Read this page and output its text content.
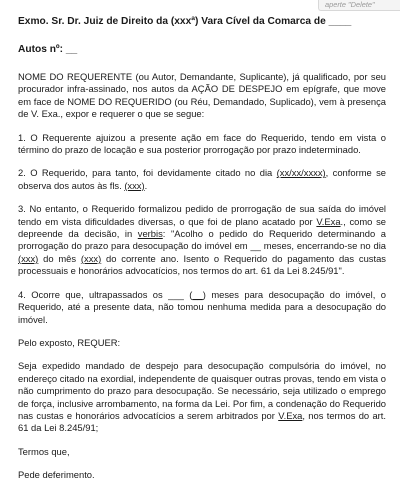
aperte "Delete"
Exmo. Sr. Dr. Juiz de Direito da (xxxª) Vara Cível da Comarca de ____
Autos nº: __
NOME DO REQUERENTE (ou Autor, Demandante, Suplicante), já qualificado, por seu procurador infra-assinado, nos autos da AÇÃO DE DESPEJO em epígrafe, que move em face de NOME DO REQUERIDO (ou Réu, Demandado, Suplicado), vem à presença de V. Exa., expor e requerer o que se segue:
1. O Requerente ajuizou a presente ação em face do Requerido, tendo em vista o término do prazo de locação e sua posterior prorrogação por prazo indeterminado.
2. O Requerido, para tanto, foi devidamente citado no dia (xx/xx/xxxx), conforme se observa dos autos às fls. (xxx).
3. No entanto, o Requerido formalizou pedido de prorrogação de sua saída do imóvel tendo em vista dificuldades diversas, o que foi de plano acatado por V.Exa., como se depreende da decisão, in verbis: "Acolho o pedido do Requerido determinando a prorrogação do prazo para desocupação do imóvel em __ meses, encerrando-se no dia (xxx) do mês (xxx) do corrente ano. Isento o Requerido do pagamento das custas processuais e honorários advocatícios, nos termos do art. 61 da Lei 8.245/91".
4. Ocorre que, ultrapassados os ___ (__) meses para desocupação do imóvel, o Requerido, até a presente data, não tomou nenhuma medida para a desocupação do imóvel.
Pelo exposto, REQUER:
Seja expedido mandado de despejo para desocupação compulsória do imóvel, no endereço citado na exordial, independente de quaisquer outras provas, tendo em vista o não cumprimento do prazo para desocupação. Se necessário, seja utilizado o emprego de força, inclusive arrombamento, na forma da Lei. Por fim, a condenação do Requerido nas custas e honorários advocatícios a serem arbitrados por V.Exa, nos termos do art. 61 da Lei 8.245/91;
Termos que,
Pede deferimento.
